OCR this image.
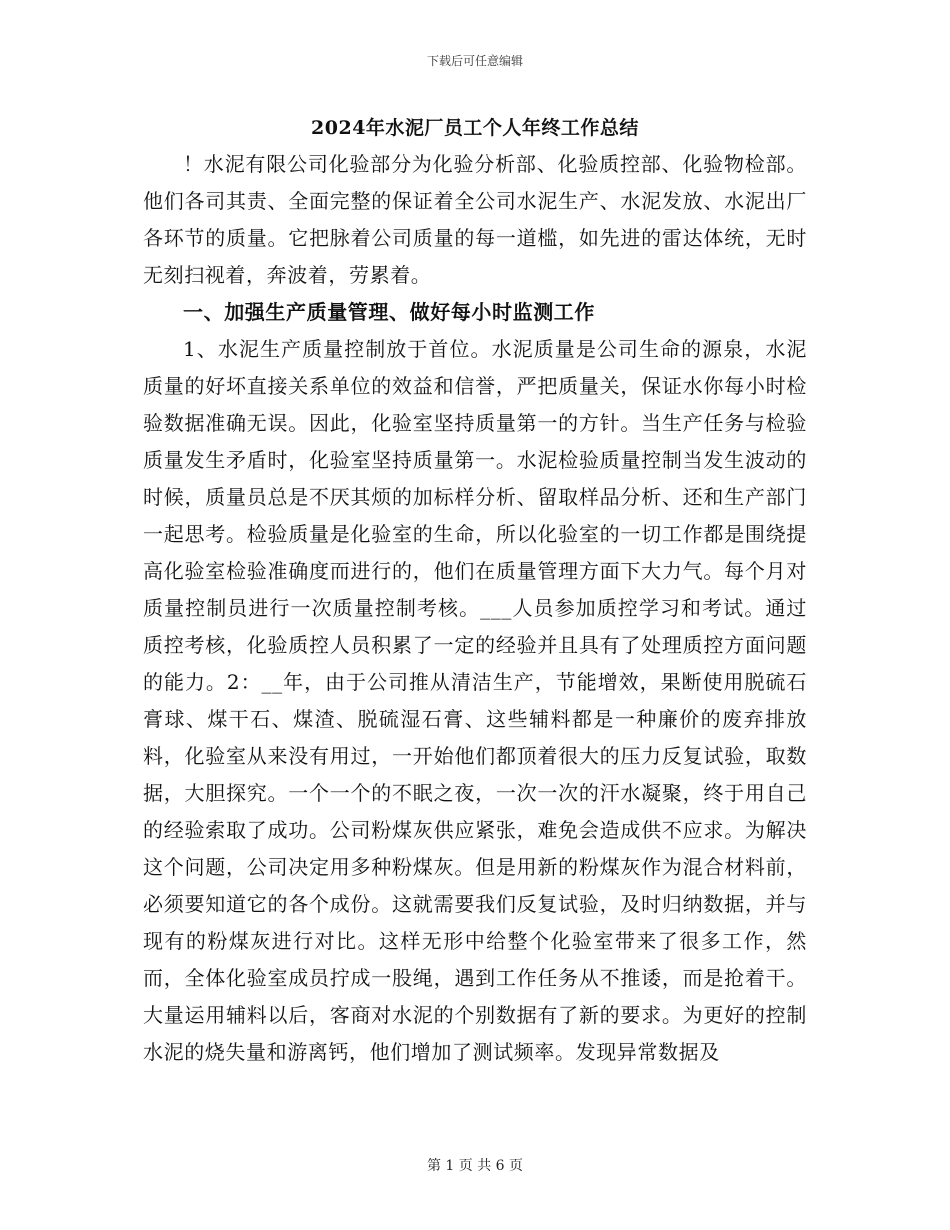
下载后可任意编辑
2024年水泥厂员工个人年终工作总结

！水泥有限公司化验部分为化验分析部、化验质控部、化验物检部。他们各司其责、全面完整的保证着全公司水泥生产、水泥发放、水泥出厂各环节的质量。它把脉着公司质量的每一道槛，如先进的雷达体统，无时无刻扫视着，奔波着，劳累着。

一、加强生产质量管理、做好每小时监测工作

1、水泥生产质量控制放于首位。水泥质量是公司生命的源泉，水泥质量的好坏直接关系单位的效益和信誉，严把质量关，保证水你每小时检验数据准确无误。因此，化验室坚持质量第一的方针。当生产任务与检验质量发生矛盾时，化验室坚持质量第一。水泥检验质量控制当发生波动的时候，质量员总是不厌其烦的加标样分析、留取样品分析、还和生产部门一起思考。检验质量是化验室的生命，所以化验室的一切工作都是围绕提高化验室检验准确度而进行的，他们在质量管理方面下大力气。每个月对质量控制员进行一次质量控制考核。___人员参加质控学习和考试。通过质控考核，化验质控人员积累了一定的经验并且具有了处理质控方面问题的能力。2：__年，由于公司推从清洁生产，节能增效，果断使用脱硫石膏球、煤干石、煤渣、脱硫湿石膏、这些辅料都是一种廉价的废弃排放料，化验室从来没有用过，一开始他们都顶着很大的压力反复试验，取数据，大胆探究。一个一个的不眠之夜，一次一次的汗水凝聚，终于用自己的经验索取了成功。公司粉煤灰供应紧张，难免会造成供不应求。为解决这个问题，公司决定用多种粉煤灰。但是用新的粉煤灰作为混合材料前，必须要知道它的各个成份。这就需要我们反复试验，及时归纳数据，并与现有的粉煤灰进行对比。这样无形中给整个化验室带来了很多工作，然而，全体化验室成员拧成一股绳，遇到工作任务从不推诿，而是抢着干。大量运用辅料以后，客商对水泥的个别数据有了新的要求。为更好的控制水泥的烧失量和游离钙，他们增加了测试频率。发现异常数据及

第 1 页 共 6 页
